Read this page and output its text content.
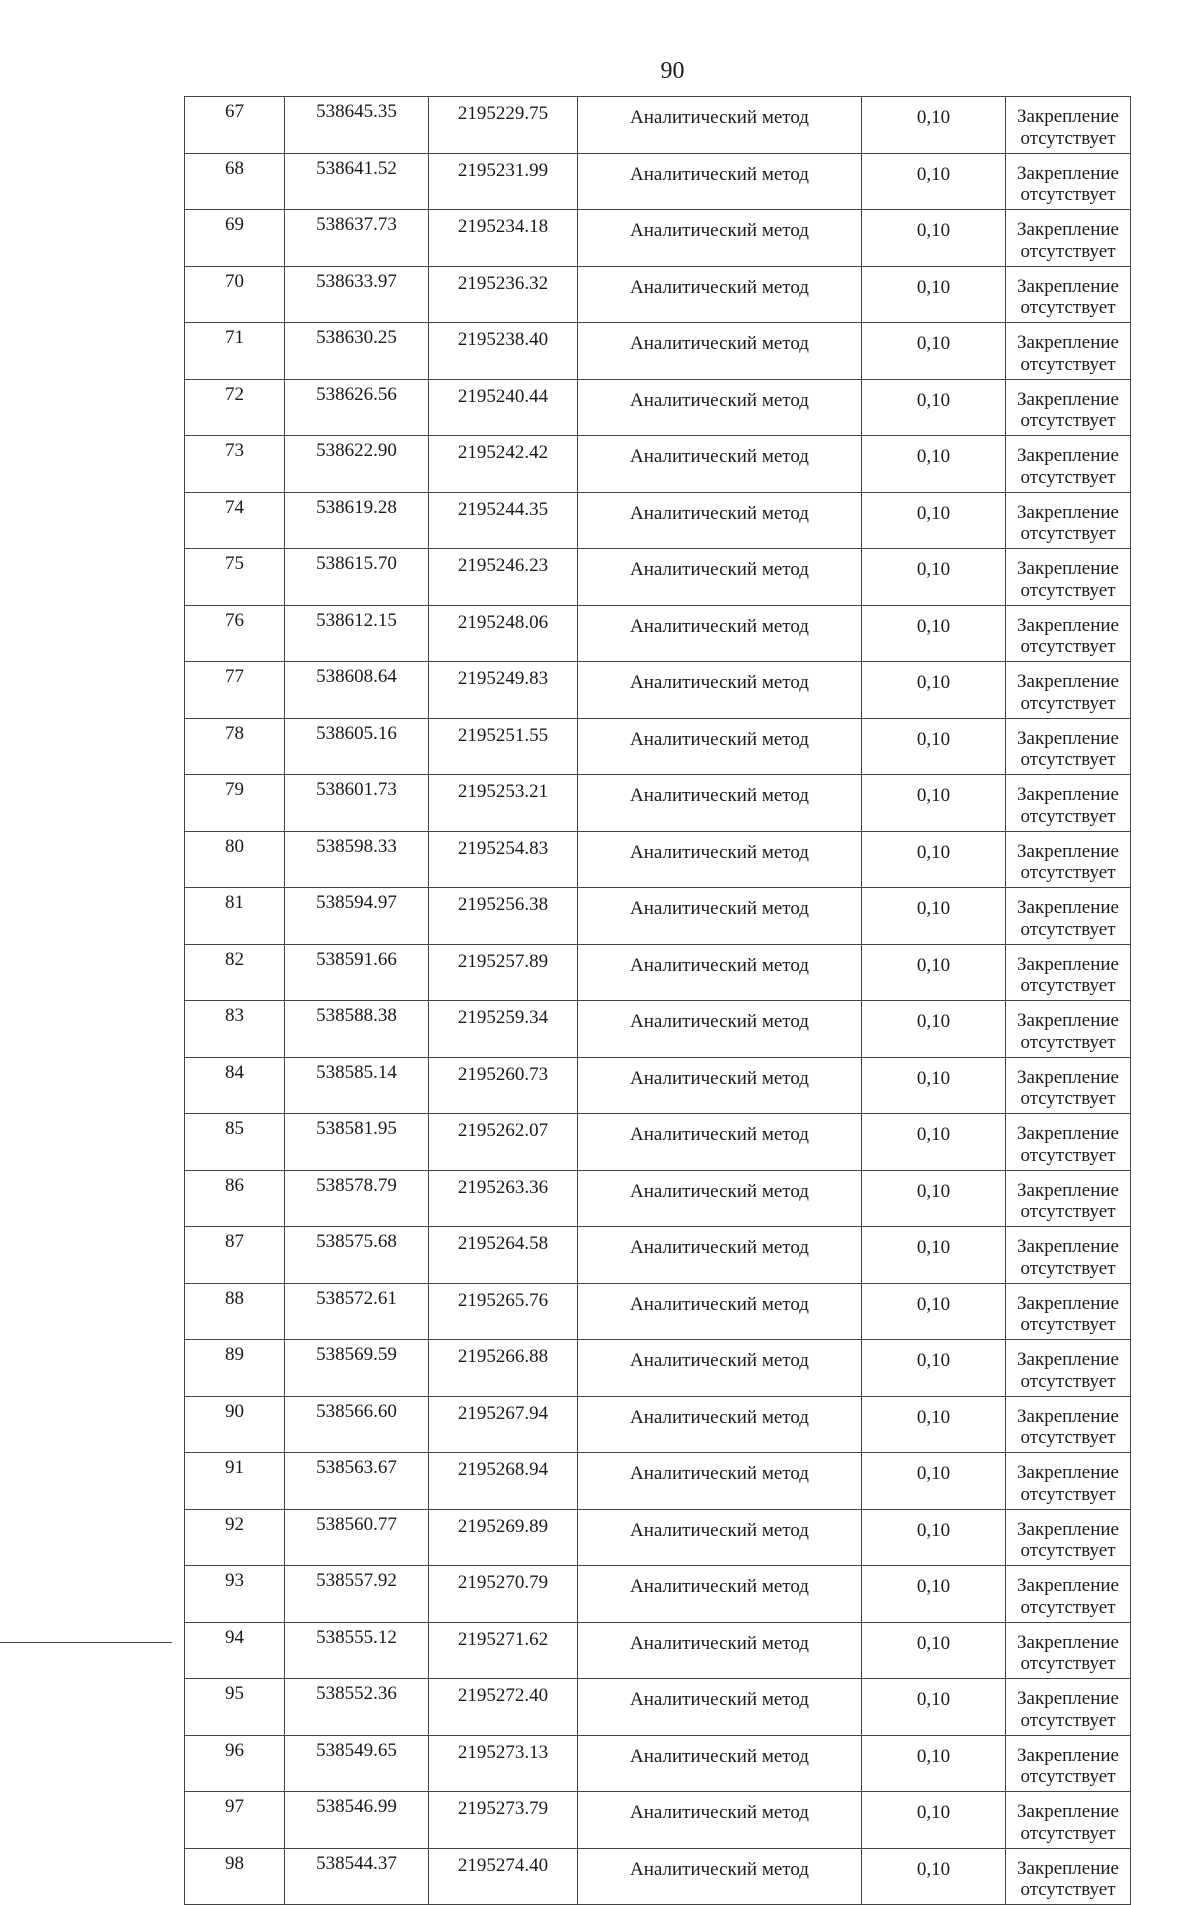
90
67	538645.35	2195229.75	Аналитический метод	0,10	Закрепление отсутствует
68	538641.52	2195231.99	Аналитический метод	0,10	Закрепление отсутствует
69	538637.73	2195234.18	Аналитический метод	0,10	Закрепление отсутствует
70	538633.97	2195236.32	Аналитический метод	0,10	Закрепление отсутствует
71	538630.25	2195238.40	Аналитический метод	0,10	Закрепление отсутствует
72	538626.56	2195240.44	Аналитический метод	0,10	Закрепление отсутствует
73	538622.90	2195242.42	Аналитический метод	0,10	Закрепление отсутствует
74	538619.28	2195244.35	Аналитический метод	0,10	Закрепление отсутствует
75	538615.70	2195246.23	Аналитический метод	0,10	Закрепление отсутствует
76	538612.15	2195248.06	Аналитический метод	0,10	Закрепление отсутствует
77	538608.64	2195249.83	Аналитический метод	0,10	Закрепление отсутствует
78	538605.16	2195251.55	Аналитический метод	0,10	Закрепление отсутствует
79	538601.73	2195253.21	Аналитический метод	0,10	Закрепление отсутствует
80	538598.33	2195254.83	Аналитический метод	0,10	Закрепление отсутствует
81	538594.97	2195256.38	Аналитический метод	0,10	Закрепление отсутствует
82	538591.66	2195257.89	Аналитический метод	0,10	Закрепление отсутствует
83	538588.38	2195259.34	Аналитический метод	0,10	Закрепление отсутствует
84	538585.14	2195260.73	Аналитический метод	0,10	Закрепление отсутствует
85	538581.95	2195262.07	Аналитический метод	0,10	Закрепление отсутствует
86	538578.79	2195263.36	Аналитический метод	0,10	Закрепление отсутствует
87	538575.68	2195264.58	Аналитический метод	0,10	Закрепление отсутствует
88	538572.61	2195265.76	Аналитический метод	0,10	Закрепление отсутствует
89	538569.59	2195266.88	Аналитический метод	0,10	Закрепление отсутствует
90	538566.60	2195267.94	Аналитический метод	0,10	Закрепление отсутствует
91	538563.67	2195268.94	Аналитический метод	0,10	Закрепление отсутствует
92	538560.77	2195269.89	Аналитический метод	0,10	Закрепление отсутствует
93	538557.92	2195270.79	Аналитический метод	0,10	Закрепление отсутствует
94	538555.12	2195271.62	Аналитический метод	0,10	Закрепление отсутствует
95	538552.36	2195272.40	Аналитический метод	0,10	Закрепление отсутствует
96	538549.65	2195273.13	Аналитический метод	0,10	Закрепление отсутствует
97	538546.99	2195273.79	Аналитический метод	0,10	Закрепление отсутствует
98	538544.37	2195274.40	Аналитический метод	0,10	Закрепление отсутствует
